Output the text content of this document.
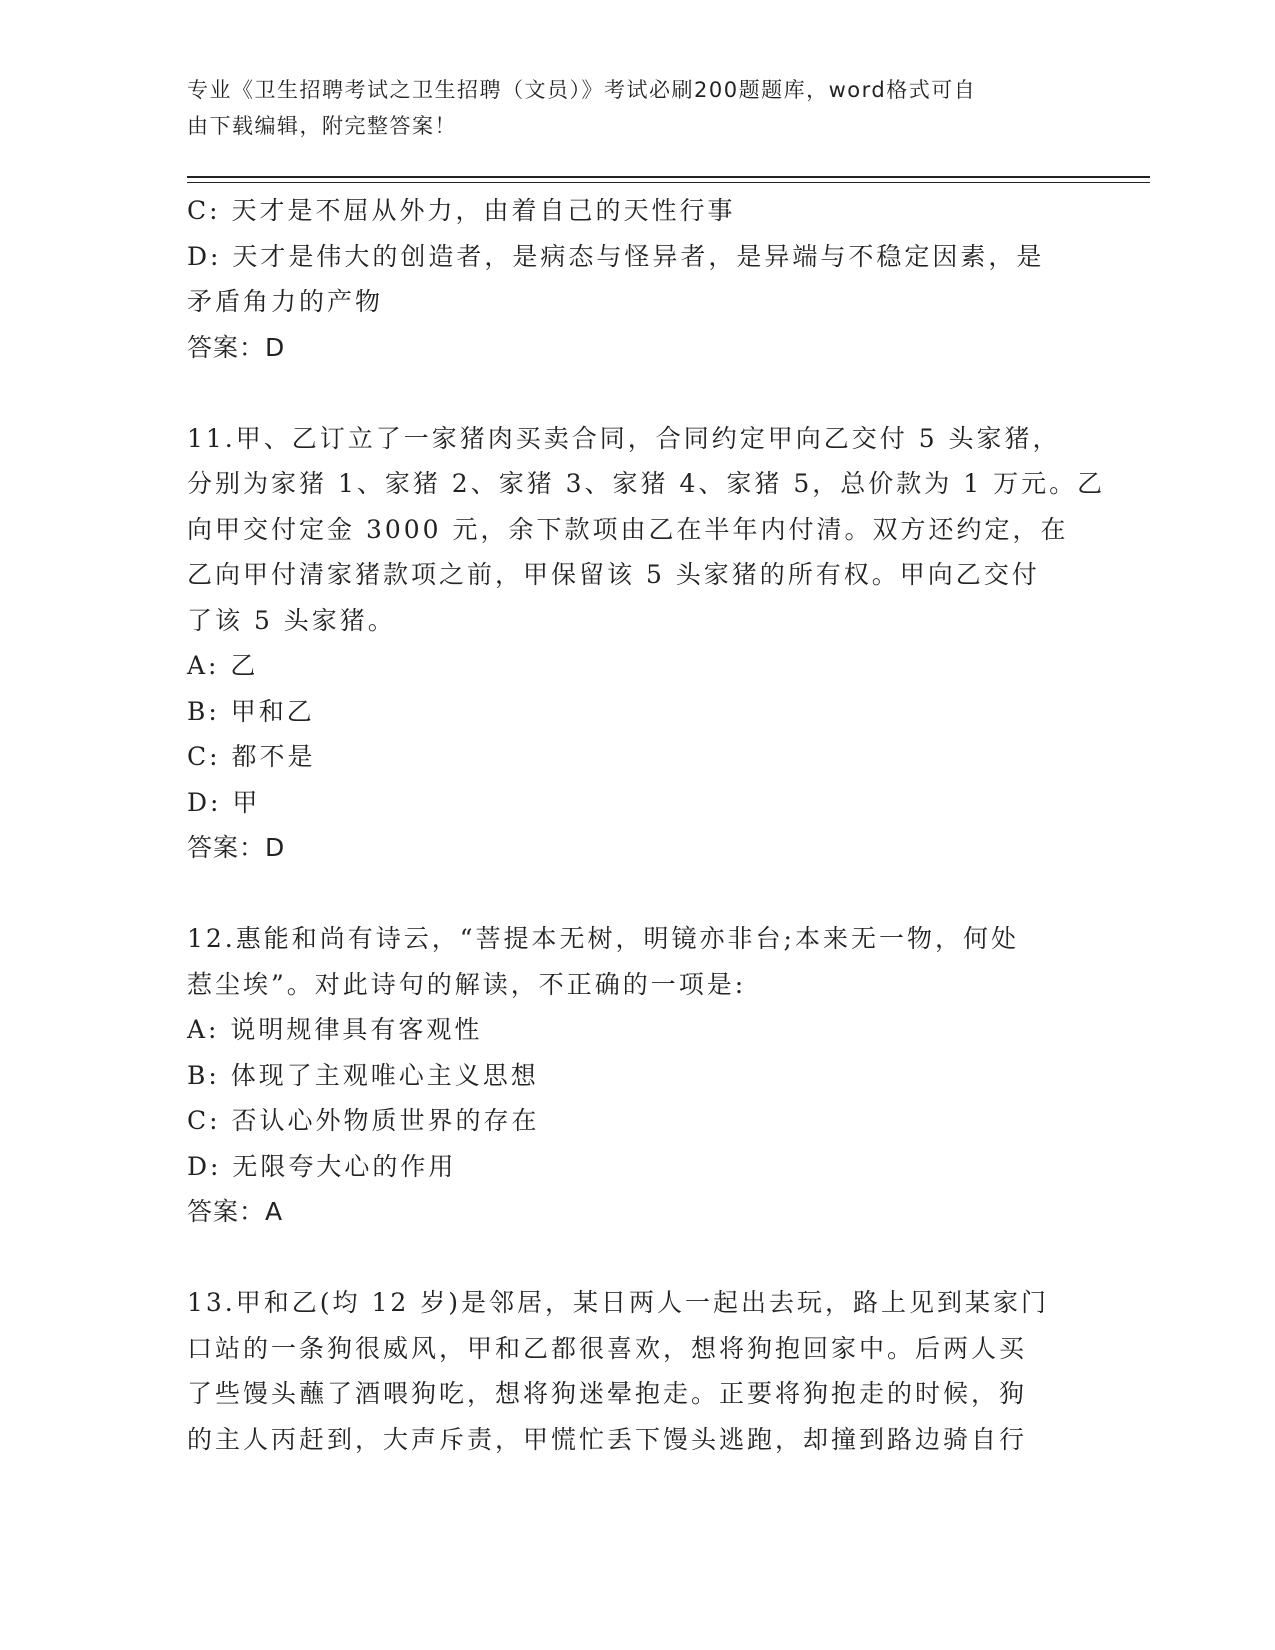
专业《卫生招聘考试之卫生招聘（文员）》考试必刷200题题库，word格式可自
由下载编辑，附完整答案！
C: 天才是不屈从外力，由着自己的天性行事
D: 天才是伟大的创造者，是病态与怪异者，是异端与不稳定因素，是
矛盾角力的产物
答案：D
11.甲、乙订立了一家猪肉买卖合同，合同约定甲向乙交付 5 头家猪，
分别为家猪 1、家猪 2、家猪 3、家猪 4、家猪 5，总价款为 1 万元。乙
向甲交付定金 3000 元，余下款项由乙在半年内付清。双方还约定，在
乙向甲付清家猪款项之前，甲保留该 5 头家猪的所有权。甲向乙交付
了该 5 头家猪。
A: 乙
B: 甲和乙
C: 都不是
D: 甲
答案：D
12.惠能和尚有诗云，“菩提本无树，明镜亦非台;本来无一物，何处
惹尘埃”。对此诗句的解读，不正确的一项是:
A: 说明规律具有客观性
B: 体现了主观唯心主义思想
C: 否认心外物质世界的存在
D: 无限夸大心的作用
答案：A
13.甲和乙(均 12 岁)是邻居，某日两人一起出去玩，路上见到某家门
口站的一条狗很威风，甲和乙都很喜欢，想将狗抱回家中。后两人买
了些馒头蘸了酒喂狗吃，想将狗迷晕抱走。正要将狗抱走的时候，狗
的主人丙赶到，大声斥责，甲慌忙丢下馒头逃跑，却撞到路边骑自行
